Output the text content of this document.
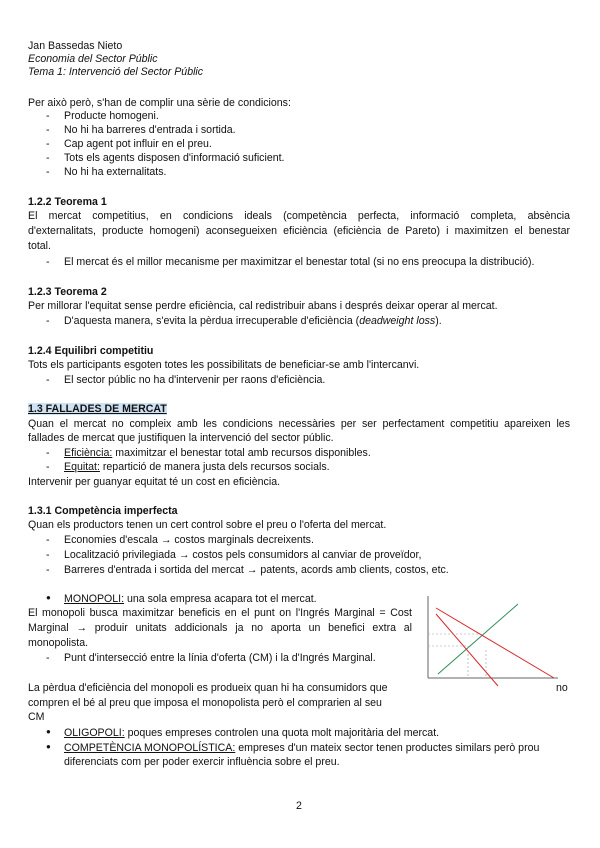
Jan Bassedas Nieto
Economia del Sector Públic
Tema 1: Intervenció del Sector Públic
Per això però, s'han de complir una sèrie de condicions:
- Producte homogeni.
- No hi ha barreres d'entrada i sortida.
- Cap agent pot influir en el preu.
- Tots els agents disposen d'informació suficient.
- No hi ha externalitats.
1.2.2 Teorema 1
El mercat competitius, en condicions ideals (competència perfecta, informació completa, absència
d'externalitats, producte homogeni) aconsegueixen eficiència (eficiència de Pareto) i maximitzen el benestar
total.
- El mercat és el millor mecanisme per maximitzar el benestar total (si no ens preocupa la distribució).
1.2.3 Teorema 2
Per millorar l'equitat sense perdre eficiència, cal redistribuir abans i després deixar operar al mercat.
- D'aquesta manera, s'evita la pèrdua irrecuperable d'eficiència (deadweight loss).
1.2.4 Equilibri competitiu
Tots els participants esgoten totes les possibilitats de beneficiar-se amb l'intercanvi.
- El sector públic no ha d'intervenir per raons d'eficiència.
1.3 FALLADES DE MERCAT
Quan el mercat no compleix amb les condicions necessàries per ser perfectament competitiu apareixen les
fallades de mercat que justifiquen la intervenció del sector públic.
- Eficiència: maximitzar el benestar total amb recursos disponibles.
- Equitat: repartició de manera justa dels recursos socials.
Intervenir per guanyar equitat té un cost en eficiència.
1.3.1 Competència imperfecta
Quan els productors tenen un cert control sobre el preu o l'oferta del mercat.
- Economies d'escala → costos marginals decreixents.
- Localització privilegiada → costos pels consumidors al canviar de proveïdor,
- Barreres d'entrada i sortida del mercat → patents, acords amb clients, costos, etc.
● MONOPOLI: una sola empresa acapara tot el mercat.
El monopoli busca maximitzar beneficis en el punt on l'Ingrés Marginal = Cost
Marginal → produir unitats addicionals ja no aporta un benefici extra al
monopolista.
- Punt d'intersecció entre la línia d'oferta (CM) i la d'Ingrés Marginal.
La pèrdua d'eficiència del monopoli es produeix quan hi ha consumidors que	no
compren el bé al preu que imposa el monopolista però el comprarien al seu
CM
● OLIGOPOLI: poques empreses controlen una quota molt majoritària del mercat.
● COMPETÈNCIA MONOPOLÍSTICA: empreses d'un mateix sector tenen productes similars però prou
diferenciats com per poder exercir influència sobre el preu.
2
